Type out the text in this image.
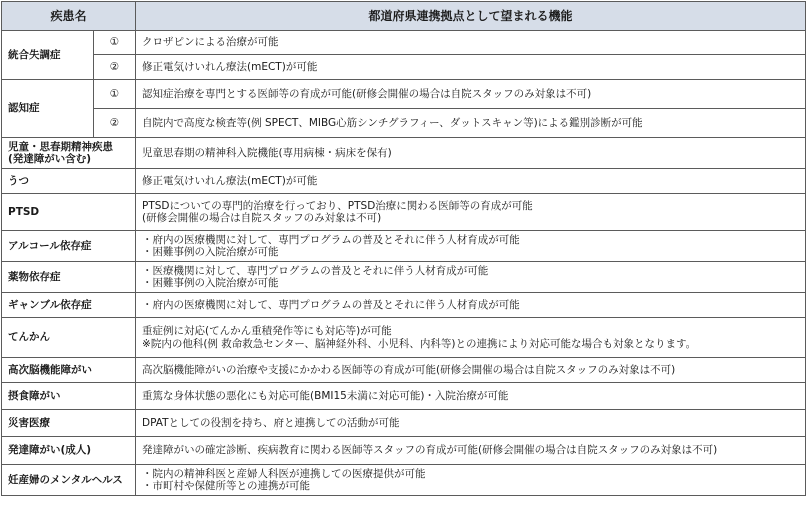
疾患名		都道府県連携拠点として望まれる機能
統合失調症	①	クロザピンによる治療が可能

	②	修正電気けいれん療法(mECT)が可能

認知症	①	認知症治療を専門とする医師等の育成が可能(研修会開催の場合は自院スタッフのみ対象は不可)

	②	自院内で高度な検査等(例 SPECT、MIBG心筋シンチグラフィー、ダットスキャン等)による鑑別診断が可能

児童・思春期精神疾患
(発達障がい含む)		児童思春期の精神科入院機能(専用病棟・病床を保有)

うつ		修正電気けいれん療法(mECT)が可能

PTSD		PTSDについての専門的治療を行っており、PTSD治療に関わる医師等の育成が可能
(研修会開催の場合は自院スタッフのみ対象は不可)

アルコール依存症		・府内の医療機関に対して、専門プログラムの普及とそれに伴う人材育成が可能
・困難事例の入院治療が可能

薬物依存症		・医療機関に対して、専門プログラムの普及とそれに伴う人材育成が可能
・困難事例の入院治療が可能

ギャンブル依存症		・府内の医療機関に対して、専門プログラムの普及とそれに伴う人材育成が可能

てんかん		重症例に対応(てんかん重積発作等にも対応等)が可能
※院内の他科(例 救命救急センター、脳神経外科、小児科、内科等)との連携により対応可能な場合も対象となります。

高次脳機能障がい		高次脳機能障がいの治療や支援にかかわる医師等の育成が可能(研修会開催の場合は自院スタッフのみ対象は不可)

摂食障がい		重篤な身体状態の悪化にも対応可能(BMI15未満に対応可能)・入院治療が可能

災害医療		DPATとしての役割を持ち、府と連携しての活動が可能

発達障がい(成人)		発達障がいの確定診断、疾病教育に関わる医師等スタッフの育成が可能(研修会開催の場合は自院スタッフのみ対象は不可)

妊産婦のメンタルヘルス		・院内の精神科医と産婦人科医が連携しての医療提供が可能
・市町村や保健所等との連携が可能
